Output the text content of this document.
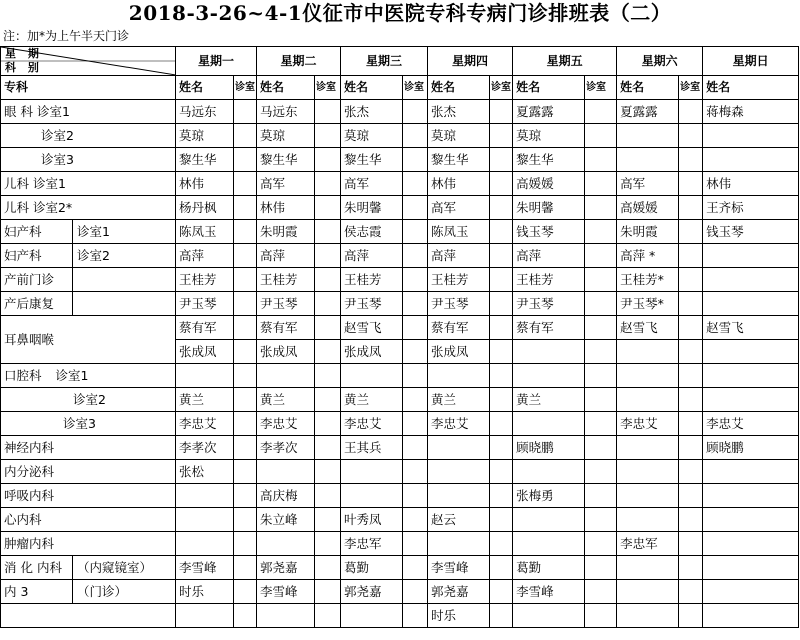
2018-3-26~4-1仪征市中医院专科专病门诊排班表（二）
注：加*为上午半天门诊
星 期
科 别		星期一		星期二		星期三		星期四		星期五		星期六		星期日
专科		姓名	诊室	姓名	诊室	姓名	诊室	姓名	诊室	姓名	诊室	姓名	诊室	姓名
眼 科 诊室1		马远东		马远东		张杰		张杰		夏露露		夏露露		蒋梅森
诊室2		莫琼		莫琼		莫琼		莫琼		莫琼				
诊室3		黎生华		黎生华		黎生华		黎生华		黎生华				
儿科 诊室1		林伟		高军		高军		林伟		高媛媛		高军		林伟
儿科 诊室2*		杨丹枫		林伟		朱明馨		高军		朱明馨		高媛媛		王齐标
妇产科	诊室1	陈凤玉		朱明霞		侯志霞		陈凤玉		钱玉琴		朱明霞		钱玉琴
妇产科	诊室2	高萍		高萍		高萍		高萍		高萍		高萍 *		
产前门诊		王桂芳		王桂芳		王桂芳		王桂芳		王桂芳		王桂芳*		
产后康复		尹玉琴		尹玉琴		尹玉琴		尹玉琴		尹玉琴		尹玉琴*		
耳鼻咽喉		蔡有军		蔡有军		赵雪飞		蔡有军		蔡有军		赵雪飞		赵雪飞
		张成凤		张成凤		张成凤		张成凤						
口腔科 诊室1														
诊室2		黄兰		黄兰		黄兰		黄兰		黄兰				
诊室3		李忠艾		李忠艾		李忠艾		李忠艾				李忠艾		李忠艾
神经内科		李孝次		李孝次		王其兵				顾晓鹏				顾晓鹏
内分泌科		张松												
呼吸内科				高庆梅						张梅勇				
心内科				朱立峰		叶秀凤		赵云						
肿瘤内科						李忠军						李忠军		
消 化 内科	（内窥镜室）	李雪峰		郭尧嘉		葛勤		李雪峰		葛勤				
内 3	（门诊）	时乐		李雪峰		郭尧嘉		郭尧嘉		李雪峰				
								时乐						
